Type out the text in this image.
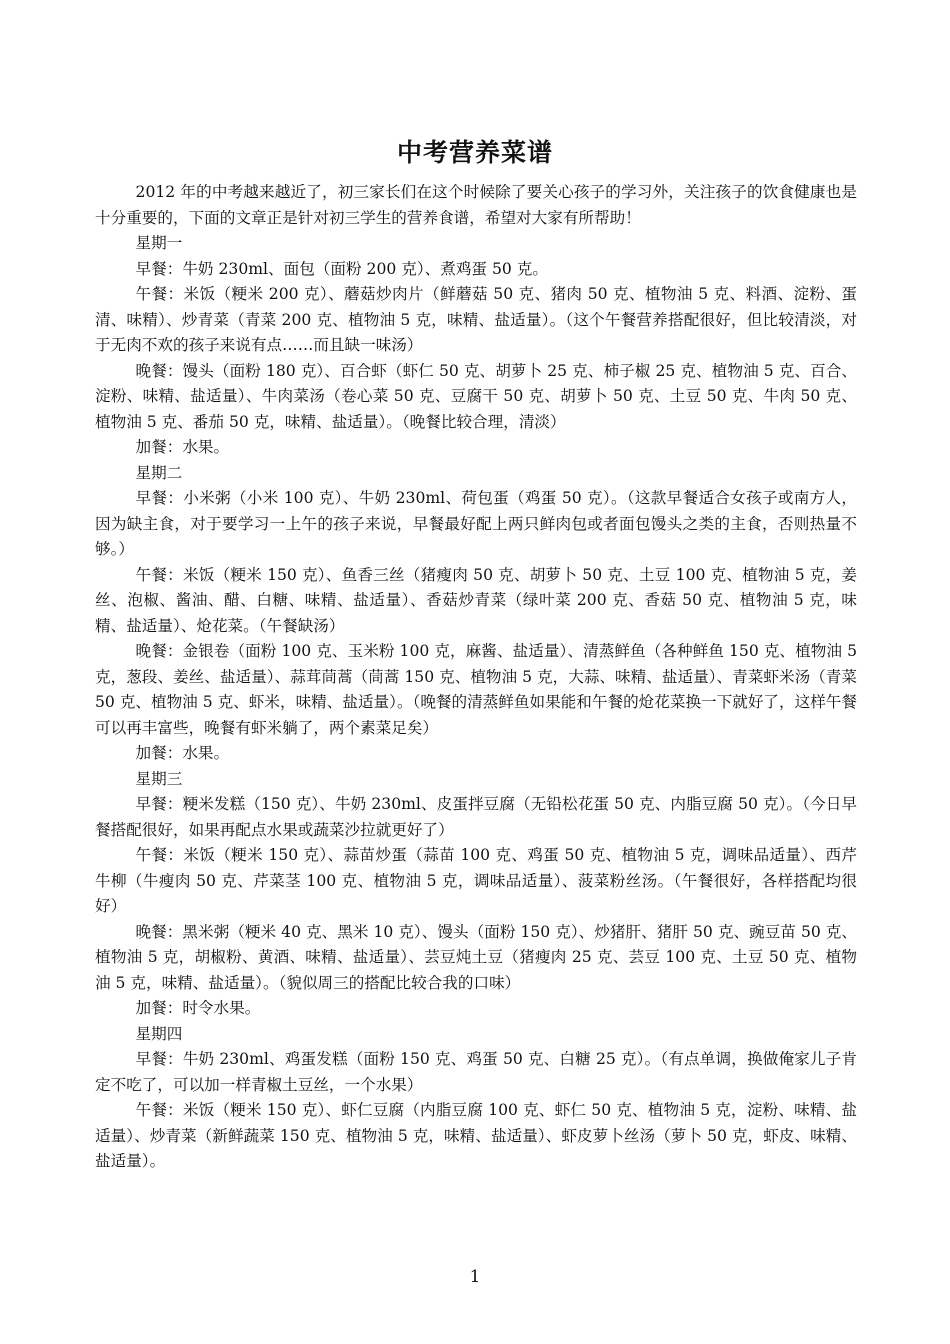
中考营养菜谱

2012 年的中考越来越近了，初三家长们在这个时候除了要关心孩子的学习外，关注孩子的饮食健康也是十分重要的，下面的文章正是针对初三学生的营养食谱，希望对大家有所帮助！

星期一

早餐：牛奶 230ml、面包（面粉 200 克）、煮鸡蛋 50 克。

午餐：米饭（粳米 200 克）、蘑菇炒肉片（鲜蘑菇 50 克、猪肉 50 克、植物油 5 克、料酒、淀粉、蛋清、味精）、炒青菜（青菜 200 克、植物油 5 克，味精、盐适量）。（这个午餐营养搭配很好，但比较清淡，对于无肉不欢的孩子来说有点……而且缺一味汤）

晚餐：馒头（面粉 180 克）、百合虾（虾仁 50 克、胡萝卜 25 克、柿子椒 25 克、植物油 5 克、百合、淀粉、味精、盐适量）、牛肉菜汤（卷心菜 50 克、豆腐干 50 克、胡萝卜 50 克、土豆 50 克、牛肉 50 克、植物油 5 克、番茄 50 克，味精、盐适量）。（晚餐比较合理，清淡）

加餐：水果。

星期二

早餐：小米粥（小米 100 克）、牛奶 230ml、荷包蛋（鸡蛋 50 克）。（这款早餐适合女孩子或南方人，因为缺主食，对于要学习一上午的孩子来说，早餐最好配上两只鲜肉包或者面包馒头之类的主食，否则热量不够。）

午餐：米饭（粳米 150 克）、鱼香三丝（猪瘦肉 50 克、胡萝卜 50 克、土豆 100 克、植物油 5 克，姜丝、泡椒、酱油、醋、白糖、味精、盐适量）、香菇炒青菜（绿叶菜 200 克、香菇 50 克、植物油 5 克，味精、盐适量）、炝花菜。（午餐缺汤）

晚餐：金银卷（面粉 100 克、玉米粉 100 克，麻酱、盐适量）、清蒸鲜鱼（各种鲜鱼 150 克、植物油 5 克，葱段、姜丝、盐适量）、蒜茸茼蒿（茼蒿 150 克、植物油 5 克，大蒜、味精、盐适量）、青菜虾米汤（青菜 50 克、植物油 5 克、虾米，味精、盐适量）。（晚餐的清蒸鲜鱼如果能和午餐的炝花菜换一下就好了，这样午餐可以再丰富些，晚餐有虾米躺了，两个素菜足矣）

加餐：水果。

星期三

早餐：粳米发糕（150 克）、牛奶 230ml、皮蛋拌豆腐（无铅松花蛋 50 克、内脂豆腐 50 克）。（今日早餐搭配很好，如果再配点水果或蔬菜沙拉就更好了）

午餐：米饭（粳米 150 克）、蒜苗炒蛋（蒜苗 100 克、鸡蛋 50 克、植物油 5 克，调味品适量）、西芹牛柳（牛瘦肉 50 克、芹菜茎 100 克、植物油 5 克，调味品适量）、菠菜粉丝汤。（午餐很好，各样搭配均很好）

晚餐：黑米粥（粳米 40 克、黑米 10 克）、馒头（面粉 150 克）、炒猪肝、猪肝 50 克、豌豆苗 50 克、植物油 5 克，胡椒粉、黄酒、味精、盐适量）、芸豆炖土豆（猪瘦肉 25 克、芸豆 100 克、土豆 50 克、植物油 5 克，味精、盐适量）。（貌似周三的搭配比较合我的口味）

加餐：时令水果。

星期四

早餐：牛奶 230ml、鸡蛋发糕（面粉 150 克、鸡蛋 50 克、白糖 25 克）。（有点单调，换做俺家儿子肯定不吃了，可以加一样青椒土豆丝，一个水果）

午餐：米饭（粳米 150 克）、虾仁豆腐（内脂豆腐 100 克、虾仁 50 克、植物油 5 克，淀粉、味精、盐适量）、炒青菜（新鲜蔬菜 150 克、植物油 5 克，味精、盐适量）、虾皮萝卜丝汤（萝卜 50 克，虾皮、味精、盐适量）。

1
